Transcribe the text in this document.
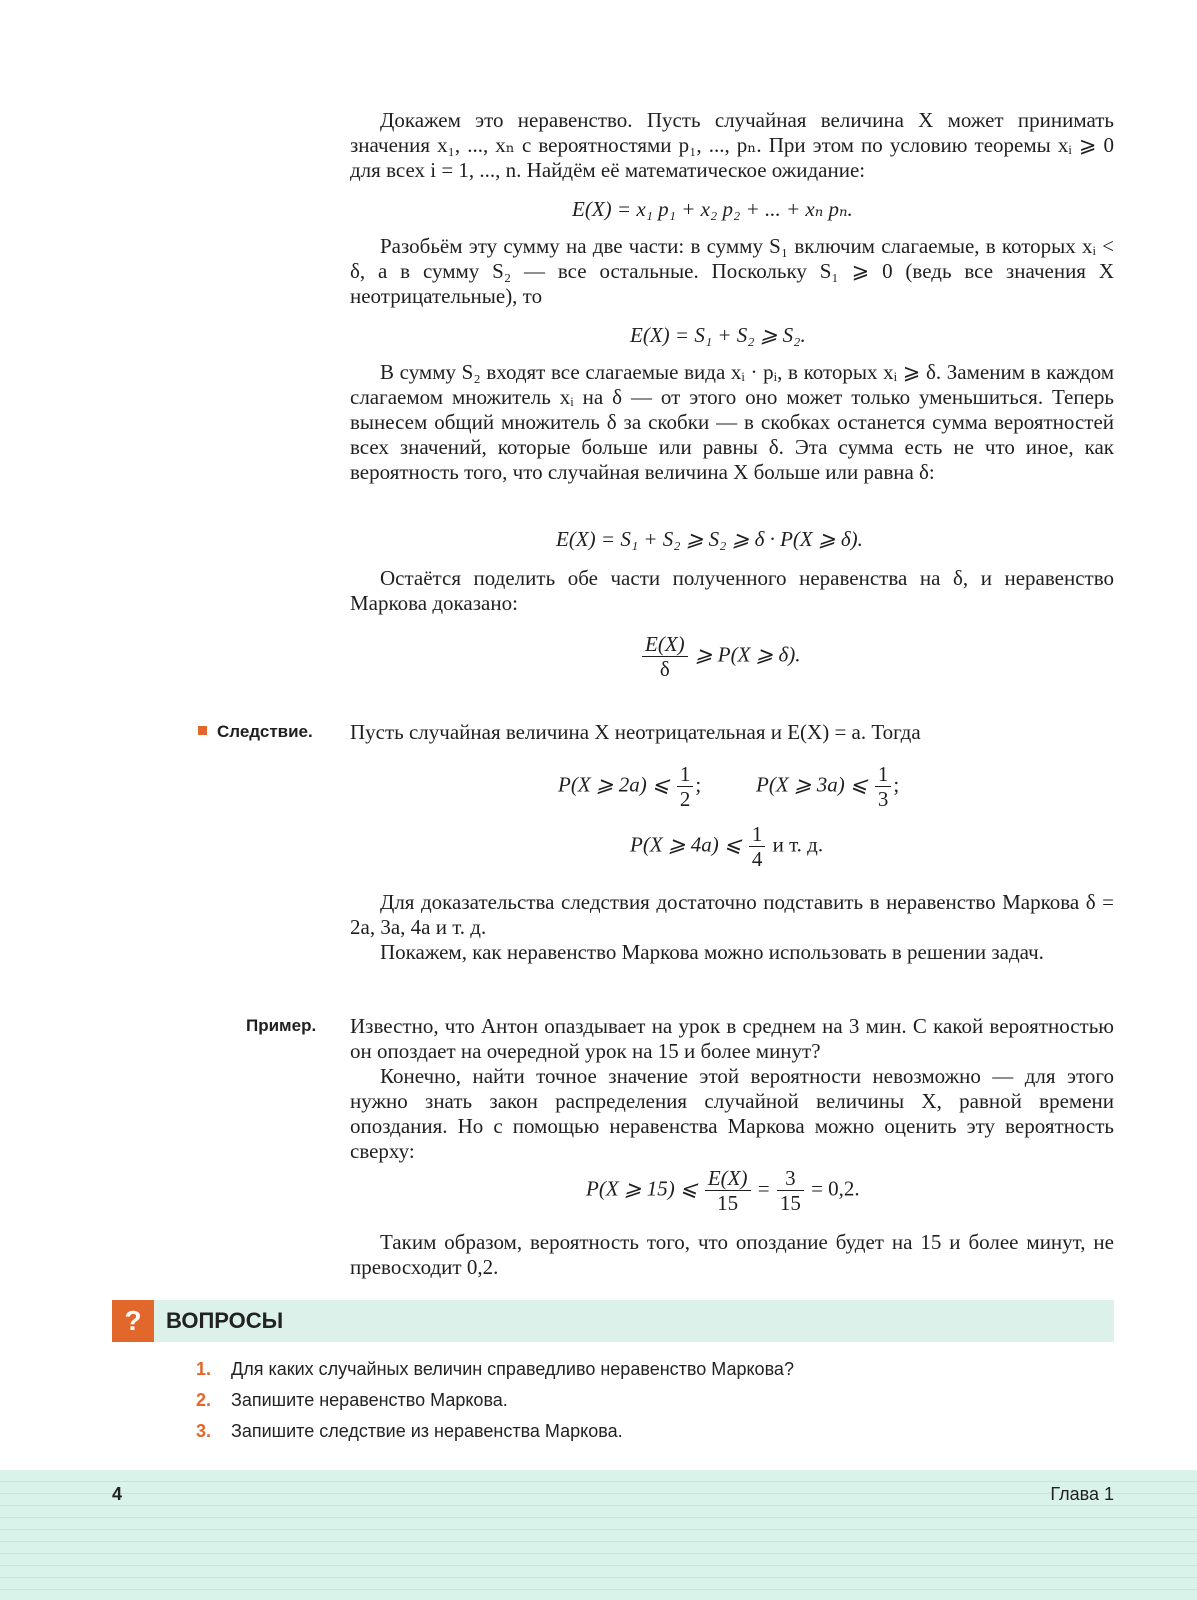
Докажем это неравенство. Пусть случайная величина X может принимать значения x₁, ..., xₙ с вероятностями p₁, ..., pₙ. При этом по условию теоремы xᵢ ⩾ 0 для всех i = 1, ..., n. Найдём её математическое ожидание:

E(X) = x₁ p₁ + x₂ p₂ + ... + xₙ pₙ.

Разобьём эту сумму на две части: в сумму S₁ включим слагаемые, в которых xᵢ < δ, а в сумму S₂ — все остальные. Поскольку S₁ ⩾ 0 (ведь все значения X неотрицательные), то

E(X) = S₁ + S₂ ⩾ S₂.

В сумму S₂ входят все слагаемые вида xᵢ · pᵢ, в которых xᵢ ⩾ δ. Заменим в каждом слагаемом множитель xᵢ на δ — от этого оно может только уменьшиться. Теперь вынесем общий множитель δ за скобки — в скобках останется сумма вероятностей всех значений, которые больше или равны δ. Эта сумма есть не что иное, как вероятность того, что случайная величина X больше или равна δ:

E(X) = S₁ + S₂ ⩾ S₂ ⩾ δ · P(X ⩾ δ).

Остаётся поделить обе части полученного неравенства на δ, и неравенство Маркова доказано:

$\frac{E(X)}{\delta}$ ⩾ P(X ⩾ δ).
Следствие. Пусть случайная величина X неотрицательная и E(X) = a. Тогда

P(X ⩾ 2a) ⩽ $\frac{1}{2}$ ;	P(X ⩾ 3a) ⩽ $\frac{1}{3}$ ;
P(X ⩾ 4a) ⩽ $\frac{1}{4}$ и т. д.

Для доказательства следствия достаточно подставить в неравенство Маркова δ = 2a, 3a, 4a и т. д.

Покажем, как неравенство Маркова можно использовать в решении задач.

Пример. Известно, что Антон опаздывает на урок в среднем на 3 мин. С какой вероятностью он опоздает на очередной урок на 15 и более минут?

Конечно, найти точное значение этой вероятности невозможно — для этого нужно знать закон распределения случайной величины X, равной времени опоздания. Но с помощью неравенства Маркова можно оценить эту вероятность сверху:

P(X ⩾ 15) ⩽ $\frac{E(X)}{15} = \frac{3}{15} = 0,2$.

Таким образом, вероятность того, что опоздание будет на 15 и более минут, не превосходит 0,2.

?	ВОПРОСЫ
1. Для каких случайных величин справедливо неравенство Маркова?
2. Запишите неравенство Маркова.
3. Запишите следствие из неравенства Маркова.
4	Глава 1
